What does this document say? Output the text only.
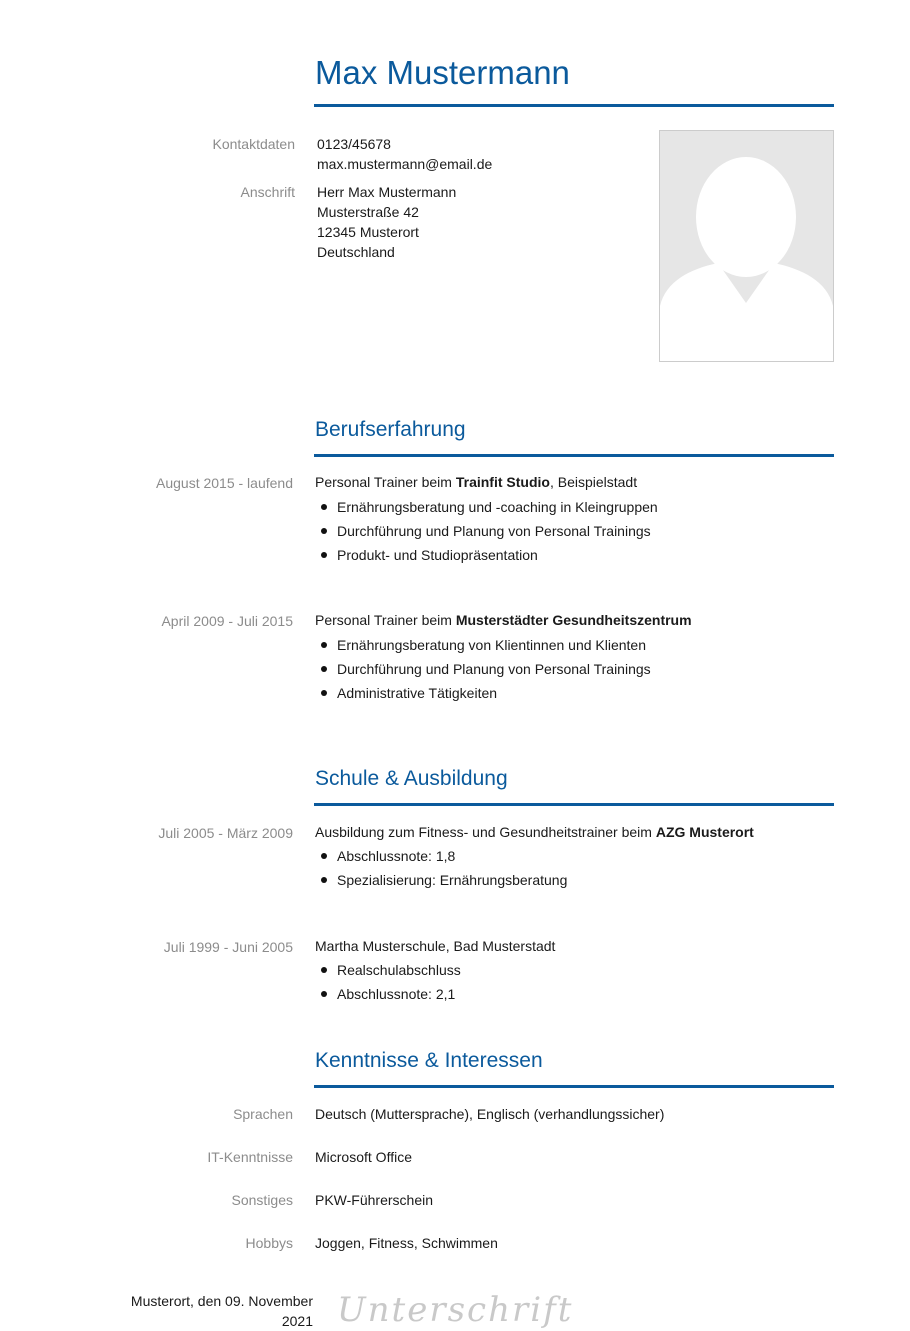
Max Mustermann
Kontaktdaten 0123/45678
max.mustermann@email.de
Anschrift Herr Max Mustermann
Musterstraße 42
12345 Musterort
Deutschland
Berufserfahrung
August 2015 - laufend Personal Trainer beim Trainfit Studio, Beispielstadt
Ernährungsberatung und -coaching in Kleingruppen
Durchführung und Planung von Personal Trainings
Produkt- und Studiopräsentation
April 2009 - Juli 2015 Personal Trainer beim Musterstädter Gesundheitszentrum
Ernährungsberatung von Klientinnen und Klienten
Durchführung und Planung von Personal Trainings
Administrative Tätigkeiten
Schule & Ausbildung
Juli 2005 - März 2009 Ausbildung zum Fitness- und Gesundheitstrainer beim AZG Musterort
Abschlussnote: 1,8
Spezialisierung: Ernährungsberatung
Juli 1999 - Juni 2005 Martha Musterschule, Bad Musterstadt
Realschulabschluss
Abschlussnote: 2,1
Kenntnisse & Interessen
Sprachen Deutsch (Muttersprache), Englisch (verhandlungssicher)
IT-Kenntnisse Microsoft Office
Sonstiges PKW-Führerschein
Hobbys Joggen, Fitness, Schwimmen
Musterort, den 09. November
2021 Unterschrift
